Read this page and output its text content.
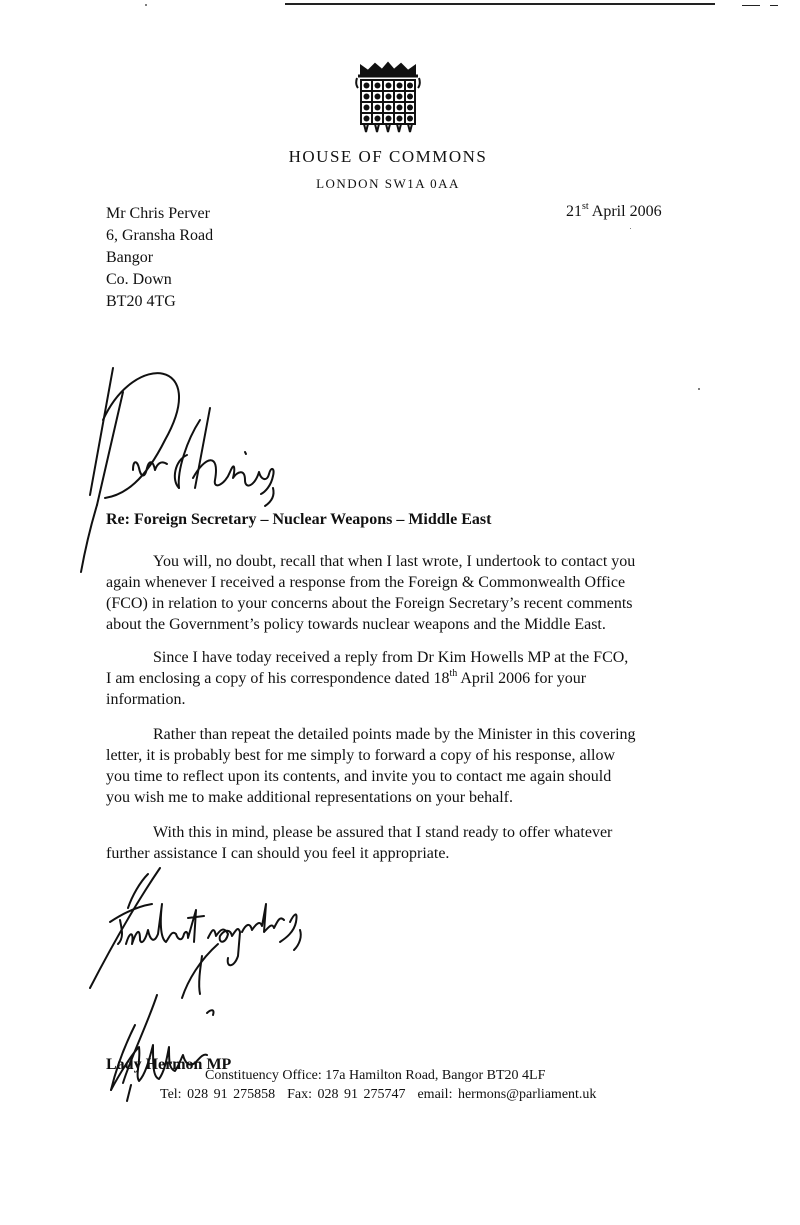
HOUSE OF COMMONS
LONDON SW1A 0AA
Mr Chris Perver
6, Gransha Road
Bangor
Co. Down
BT20 4TG
21st April 2006
Re: Foreign Secretary – Nuclear Weapons – Middle East
You will, no doubt, recall that when I last wrote, I undertook to contact you
again whenever I received a response from the Foreign & Commonwealth Office
(FCO) in relation to your concerns about the Foreign Secretary’s recent comments
about the Government’s policy towards nuclear weapons and the Middle East.
Since I have today received a reply from Dr Kim Howells MP at the FCO,
I am enclosing a copy of his correspondence dated 18th April 2006 for your
information.
Rather than repeat the detailed points made by the Minister in this covering
letter, it is probably best for me simply to forward a copy of his response, allow
you time to reflect upon its contents, and invite you to contact me again should
you wish me to make additional representations on your behalf.
With this in mind, please be assured that I stand ready to offer whatever
further assistance I can should you feel it appropriate.
Lady Hermon MP
Constituency Office: 17a Hamilton Road, Bangor BT20 4LF
Tel: 028 91 275858 Fax: 028 91 275747 email: hermons@parliament.uk
